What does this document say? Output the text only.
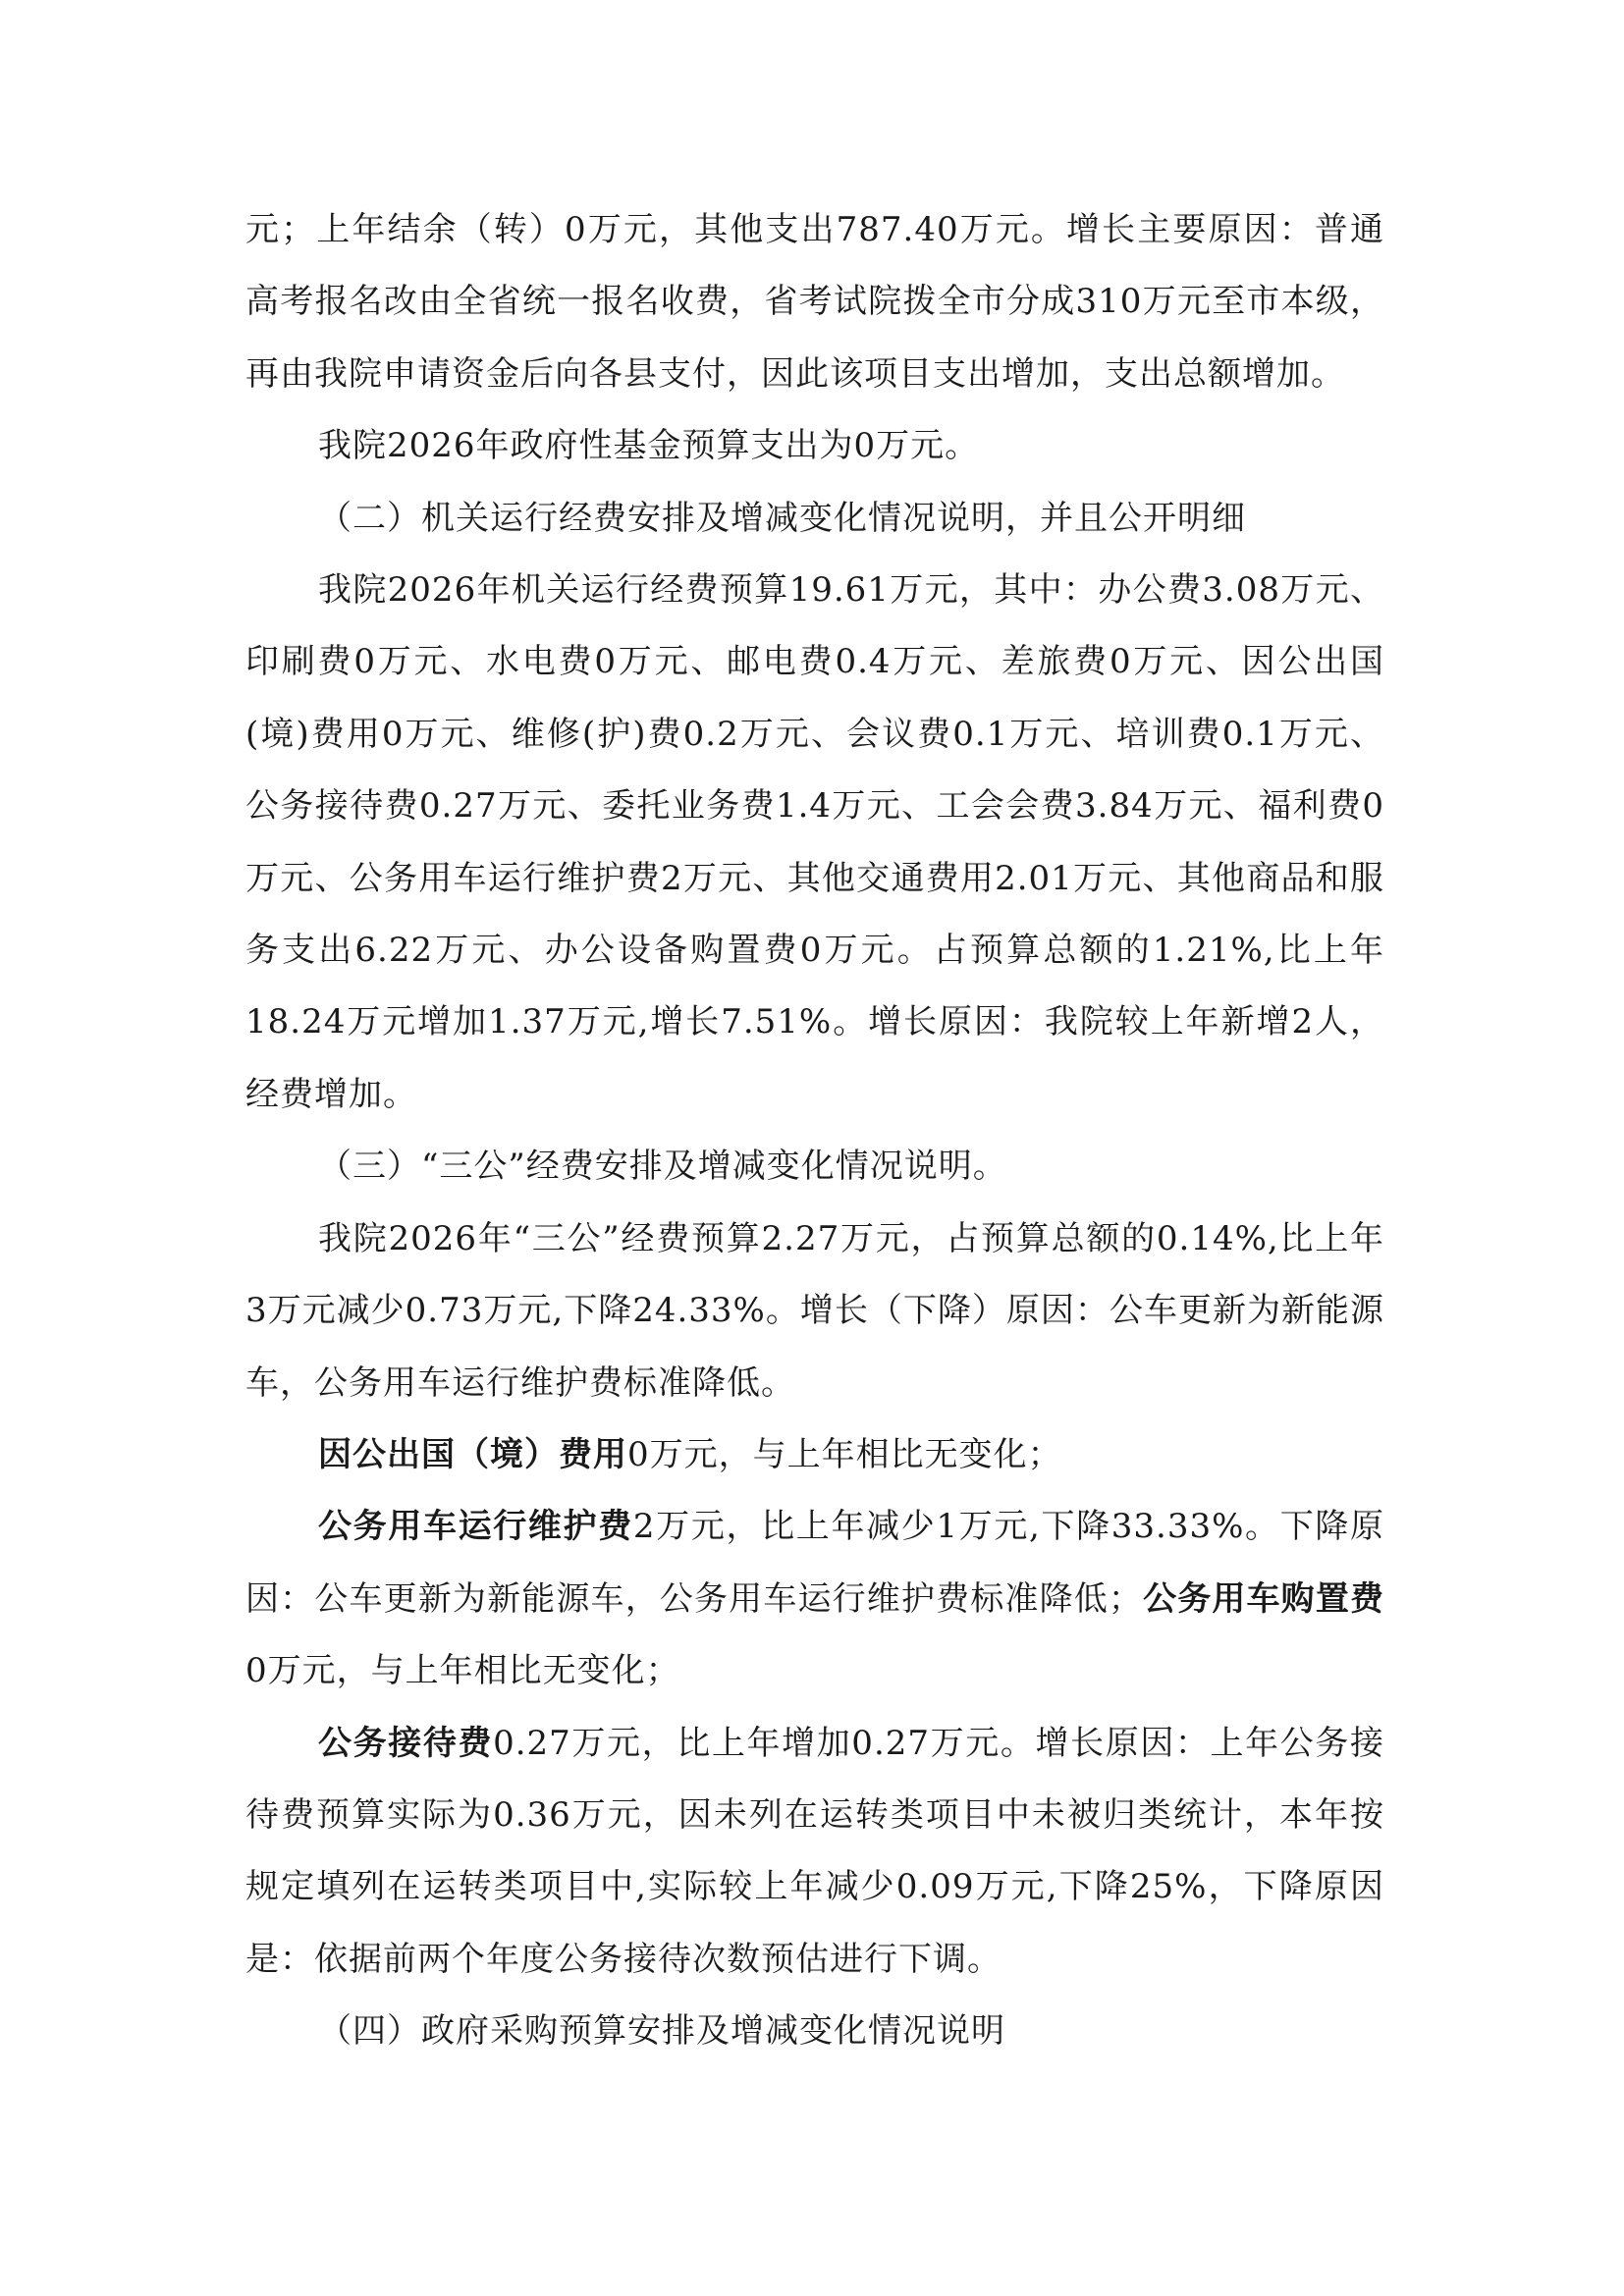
元；上年结余（转）0万元，其他支出787.40万元。增长主要原因：普通高考报名改由全省统一报名收费，省考试院拨全市分成310万元至市本级，再由我院申请资金后向各县支付，因此该项目支出增加，支出总额增加。

我院2026年政府性基金预算支出为0万元。

（二）机关运行经费安排及增减变化情况说明，并且公开明细

我院2026年机关运行经费预算19.61万元，其中：办公费3.08万元、印刷费0万元、水电费0万元、邮电费0.4万元、差旅费0万元、因公出国(境)费用0万元、维修(护)费0.2万元、会议费0.1万元、培训费0.1万元、公务接待费0.27万元、委托业务费1.4万元、工会会费3.84万元、福利费0万元、公务用车运行维护费2万元、其他交通费用2.01万元、其他商品和服务支出6.22万元、办公设备购置费0万元。占预算总额的1.21%,比上年18.24万元增加1.37万元,增长7.51%。增长原因：我院较上年新增2人，经费增加。

（三）“三公”经费安排及增减变化情况说明。

我院2026年“三公”经费预算2.27万元，占预算总额的0.14%,比上年3万元减少0.73万元,下降24.33%。增长（下降）原因：公车更新为新能源车，公务用车运行维护费标准降低。

因公出国（境）费用0万元，与上年相比无变化；

公务用车运行维护费2万元，比上年减少1万元,下降33.33%。下降原因：公车更新为新能源车，公务用车运行维护费标准降低；公务用车购置费0万元，与上年相比无变化；

公务接待费0.27万元，比上年增加0.27万元。增长原因：上年公务接待费预算实际为0.36万元，因未列在运转类项目中未被归类统计，本年按规定填列在运转类项目中,实际较上年减少0.09万元,下降25%，下降原因是：依据前两个年度公务接待次数预估进行下调。

（四）政府采购预算安排及增减变化情况说明
